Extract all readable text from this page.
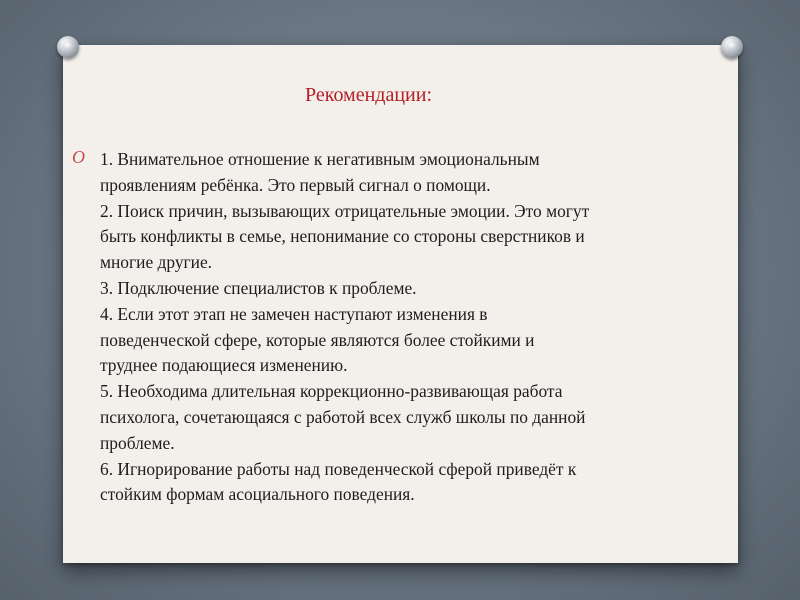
Рекомендации:
O 1. Внимательное отношение к негативным эмоциональным
проявлениям ребёнка. Это первый сигнал о помощи.
2. Поиск причин, вызывающих отрицательные эмоции. Это могут
быть конфликты в семье, непонимание со стороны сверстников и
многие другие.
3. Подключение специалистов к проблеме.
4. Если этот этап не замечен наступают изменения в
поведенческой сфере, которые являются более стойкими и
труднее подающиеся изменению.
5. Необходима длительная коррекционно-развивающая работа
психолога, сочетающаяся с работой всех служб школы по данной
проблеме.
6. Игнорирование работы над поведенческой сферой приведёт к
стойким формам асоциального поведения.
